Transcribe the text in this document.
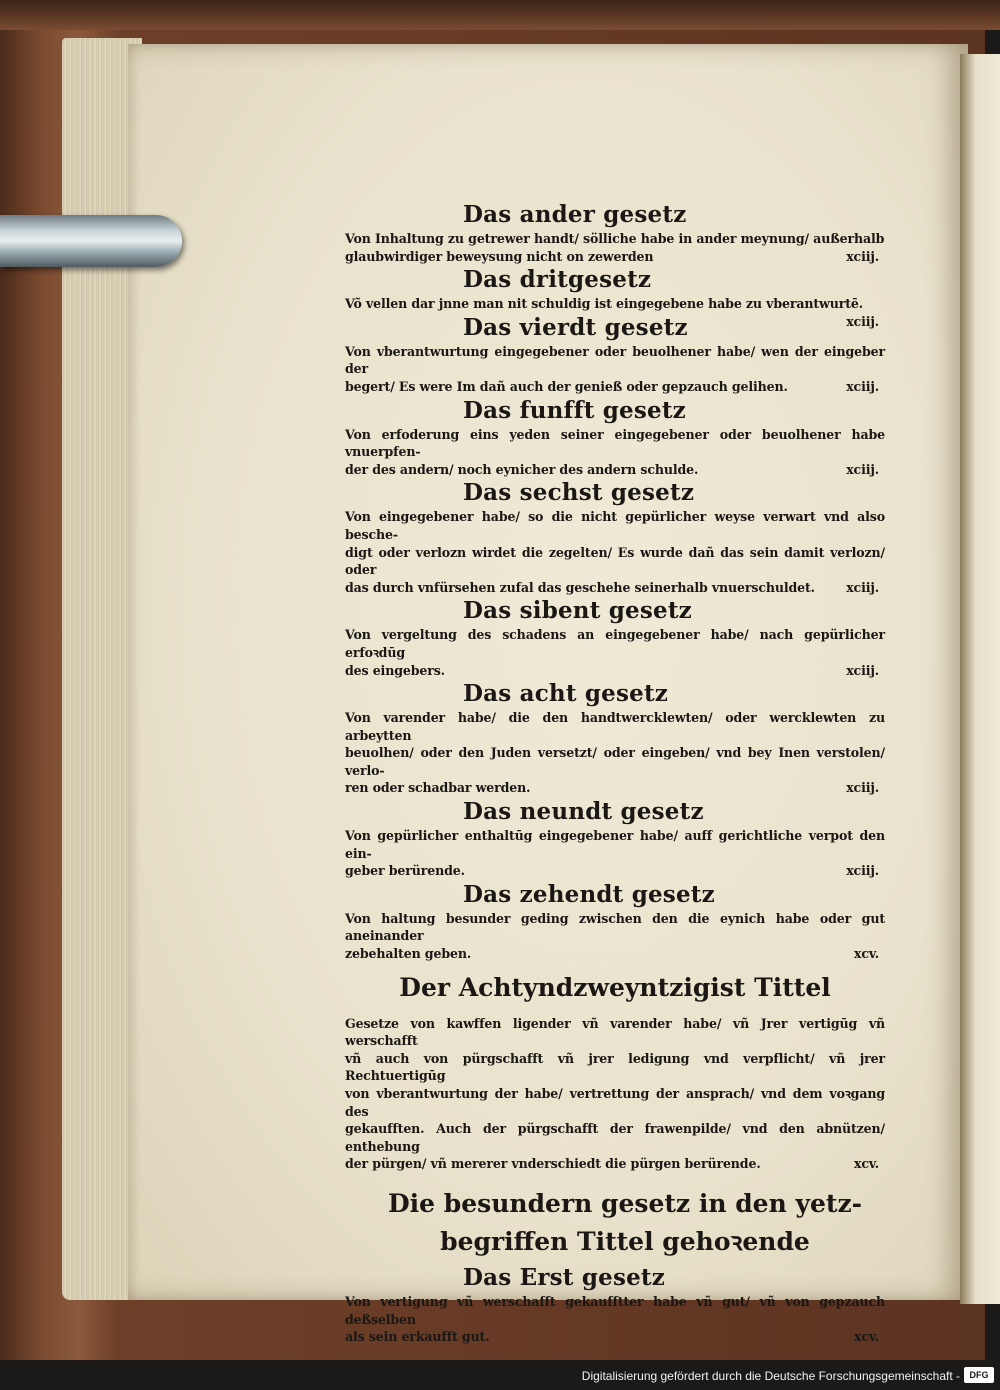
Das ander gesetz
Von Inhaltung zu getrewer handt/ sölliche habe in ander meynung/ außerhalb
glaubwirdiger beweysung nicht on zewerden	xciij.
Das dritgesetz
Võ vellen dar jnne man nit schuldig ist eingegebene habe zu vberantwurtē.
xciij.
Das vierdt gesetz
Von vberantwurtung eingegebener oder beuolhener habe/ wen der eingeber der
begert/ Es were Im dañ auch der genieß oder gepzauch gelihen.	xciij.
Das funfft gesetz
Von erfoderung eins yeden seiner eingegebener oder beuolhener habe vnuerpfen-
der des andern/ noch eynicher des andern schulde.	xciij.
Das sechst gesetz
Von eingegebener habe/ so die nicht gepürlicher weyse verwart vnd also besche-
digt oder verlozn wirdet die zegelten/ Es wurde dañ das sein damit verlozn/ oder
das durch vnfürsehen zufal das geschehe seinerhalb vnuerschuldet. xciij.
Das sibent gesetz
Von vergeltung des schadens an eingegebener habe/ nach gepürlicher erfoꝛdūg
des eingebers.	xciij.
Das acht gesetz
Von varender habe/ die den handtwercklewten/ oder wercklewten zu arbeytten
beuolhen/ oder den Juden versetzt/ oder eingeben/ vnd bey Inen verstolen/ verlo-
ren oder schadbar werden.	xciij.
Das neundt gesetz
Von gepürlicher enthaltūg eingegebener habe/ auff gerichtliche verpot den ein-
geber berürende.	xciij.
Das zehendt gesetz
Von haltung besunder geding zwischen den die eynich habe oder gut aneinander
zebehalten geben.	xcv.
Der Achtyndzweyntzigist Tittel
Gesetze von kawffen ligender vñ varender habe/ vñ Jrer vertigūg vñ werschafft
vñ auch von pürgschafft vñ jrer ledigung vnd verpflicht/ vñ jrer Rechtuertigūg
von vberantwurtung der habe/ vertrettung der ansprach/ vnd dem voꝛgang des
gekaufften. Auch der pürgschafft der frawenpilde/ vnd den abnützen/ enthebung
der pürgen/ vñ mererer vnderschiedt die pürgen berürende.	xcv.
Die besundern gesetz in den yetz-
begriffen Tittel gehoꝛende
Das Erst gesetz
Von vertigung vñ werschafft gekaufftter habe vñ gut/ vñ von gepzauch deßselben
als sein erkaufft gut.	xcv.
Digitalisierung gefördert durch die Deutsche Forschungsgemeinschaft -	DFG
